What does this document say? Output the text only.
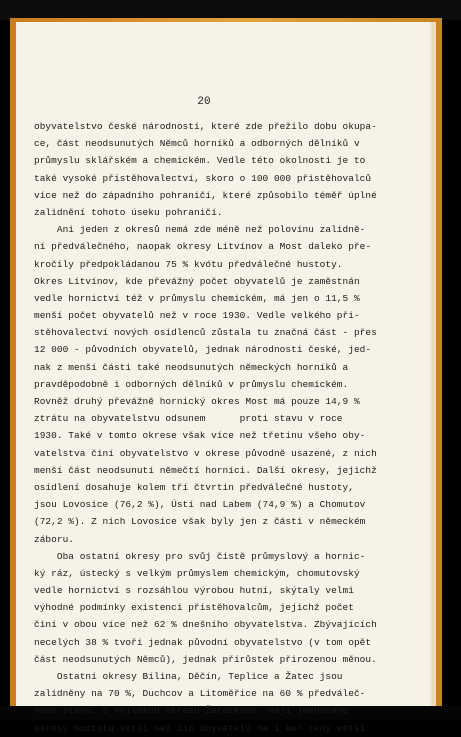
20
obyvatelstvo české národnosti, které zde přežilo dobu okupa-
ce, část neodsunutých Němců horníků a odborných dělníků v
průmyslu sklářském a chemickém. Vedle této okolnosti je to
také vysoké přistěhovalectví, skoro o 100 000 přistěhovalců
více než do západního pohraničí, které způsobilo téměř úplné
zalidnění tohoto úseku pohraničí.
Ani jeden z okresů nemá zde méně než polovinu zalidně-
ní předválečného, naopak okresy Litvínov a Most daleko pře-
kročily předpokládanou 75 % kvótu předválečné hustoty.
Okres Litvínov, kde převážný počet obyvatelů je zaměstnán
vedle hornictví též v průmyslu chemickém, má jen o 11,5 %
menší počet obyvatelů než v roce 1930. Vedle velkého při-
stěhovalectví nových osídlenců zůstala tu značná část - přes
12 000 - původních obyvatelů, jednak národnosti české, jed-
nak z menší části také neodsunutých německých horníků a
pravděpodobně i odborných dělníků v průmyslu chemickém.
Rovněž druhý převážně hornický okres Most má pouze 14,9 %
ztrátu na obyvatelstvu odsunem      proti stavu v roce
1930. Také v tomto okrese však více než třetinu všeho oby-
vatelstva činí obyvatelstvo v okrese původně usazené, z nich
menší část neodsunutí němečtí horníci. Další okresy, jejichž
osídlení dosahuje kolem tří čtvrtin předválečné hustoty,
jsou Lovosice (76,2 %), Ústí nad Labem (74,9 %) a Chomutov
(72,2 %). Z nich Lovosice však byly jen z části v německém
záboru.
Oba ostatní okresy pro svůj čistě průmyslový a hornic-
ký ráz, ústecký s velkým průmyslem chemickým, chomutovský
vedle hornictví s rozsáhlou výrobou hutní, skýtaly velmi
výhodné podmínky existenci přistěhovalcům, jejichž počet
činí v obou více než 62 % dnešního obyvatelstva. Zbývajících
necelých 38 % tvoří jednak původní obyvatelstvo (v tom opět
část neodsunutých Němců), jednak přírůstek přirozenou měnou.
Ostatní okresy Bílina, Děčín, Teplice a Žatec jsou
zalidněny na 70 %, Duchcov a Litoměřice na 60 % předváleč-
ného stavu. S výjimkou okresu Žateckého, mají jmenované
okresy hustotu větší než 116 obyvatelů na 1 km² tedy větší
